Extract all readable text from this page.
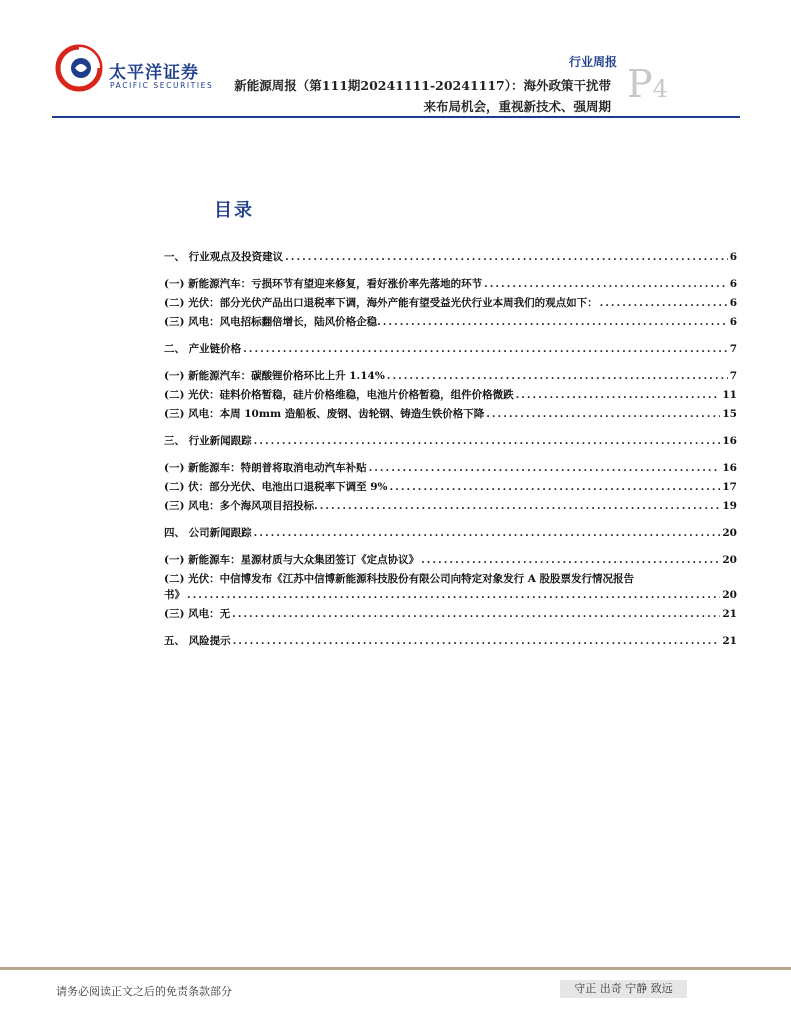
太平洋证券
PACIFIC SECURITIES
行业周报 P4
新能源周报（第111期20241111-20241117）：海外政策干扰带
来布局机会，重视新技术、强周期
目录
一、 行业观点及投资建议 .....	6
(一) 新能源汽车：亏损环节有望迎来修复，看好涨价率先落地的环节 .....	6
(二) 光伏：部分光伏产品出口退税率下调，海外产能有望受益光伏行业本周我们的观点如下： .....	6
(三) 风电：风电招标翻倍增长，陆风价格企稳. .....	6
二、 产业链价格 .....	7
(一) 新能源汽车：碳酸锂价格环比上升 1.14% .....	7
(二) 光伏：硅料价格暂稳，硅片价格维稳，电池片价格暂稳，组件价格微跌 .....	11
(三) 风电：本周 10mm 造船板、废钢、齿轮钢、铸造生铁价格下降 .....	15
三、 行业新闻跟踪 .....	16
(一) 新能源车：特朗普将取消电动汽车补贴 .....	16
(二) 伏：部分光伏、电池出口退税率下调至 9% .....	17
(三) 风电：多个海风项目招投标. .....	19
四、 公司新闻跟踪 .....	20
(一) 新能源车：星源材质与大众集团签订《定点协议》 .....	20
(二) 光伏：中信博发布《江苏中信博新能源科技股份有限公司向特定对象发行 A 股股票发行情况报告
书》 .....	20
(三) 风电：无 .....	21
五、 风险提示 .....	21
请务必阅读正文之后的免责条款部分	守正 出奇 宁静 致远
